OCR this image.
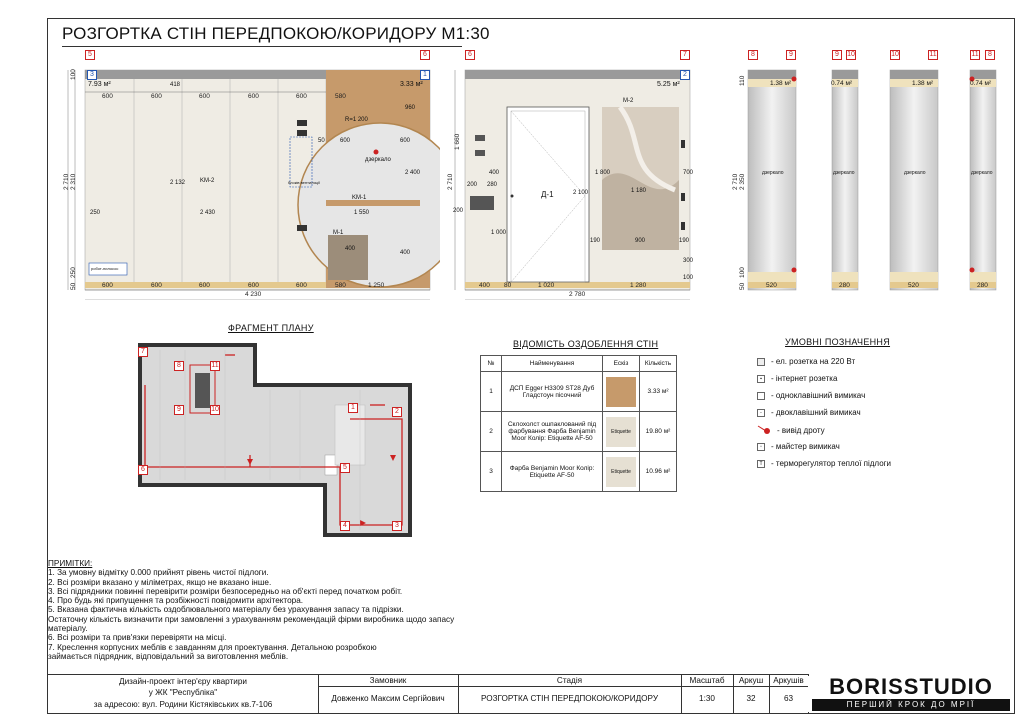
РОЗГОРТКА СТІН ПЕРЕДПОКОЮ/КОРИДОРУ М1:30
5	6
3	1
7.93 м²	3.33 м²
600	600	600	600	600	580
600	600	600	600	600	580	1 250
4 230
2 710 2 310
100
250
50
418
2 132
2 430
250
R=1 200
960
50	600	600
2 400
1 550
400
400
KM-2
KM-1
M-1
дзеркало
блоків вентиляції
робот-пилосос
6	7
2
5.25 м²
Д-1
M-2
400 80	1 020	1 280
2 780
2 710
1 660
200 280
400
200
1 000
2 100
1 800	700
1 180
190	900	190
300
100
8	9	9	10	10	11	11	8
1.38 м²	0.74 м²	1.38 м²	0.74 м²
дзеркало	дзеркало	дзеркало	дзеркало
520	280	520	280
2 710 2 350
110
100
50
ФРАГМЕНТ ПЛАНУ
7
8	11
9	10	1
6	5
2
4	3
ВІДОМІСТЬ ОЗДОБЛЕННЯ СТІН
№	Найменування	Ескіз	Кількість
1	ДСП Egger H3309 ST28 Дуб Гладстоун пісочний		3.33 м²
2	Склохолст ошпаклований під фарбування Фарба Benjamin Moor Колір: Etiquette AF-50	Etiquette	19.80 м²
3	Фарба Benjamin Moor Колір: Etiquette AF-50	Etiquette	10.96 м²
УМОВНІ ПОЗНАЧЕННЯ
- ел. розетка на 220 Вт
▪	- інтернет розетка
- одноклавішний вимикач
-	- двоклавішний вимикач
- вивід дроту
▫	- майстер вимикач
T	- терморегулятор теплої підлоги
ПРИМІТКИ:
1. За умовну відмітку 0.000 прийнят рівень чистої підлоги.
2. Всі розміри вказано у міліметрах, якщо не вказано інше.
3. Всі підрядники повинні перевірити розміри безпосередньо на об'єкті перед початком робіт.
4. Про будь які припущення та розбіжності повідомити архітектора.
5. Вказана фактична кількість оздоблювального матеріалу без урахування запасу та підрізки.
Остаточну кількість визначити при замовленні з урахуванням рекомендацій фірми виробника щодо запасу
матеріалу.
6. Всі розміри та прив'язки перевіряти на місці.
7. Креслення корпусних меблів є завданням для проектування. Детальною розробкою
займається підрядник, відповідальний за виготовлення меблів.
Дизайн-проект інтер'єру квартири
у ЖК "Республіка"
за адресою: вул. Родини Кістяківських кв.7-106
Замовник
Довженко Максим Сергійович
Стадія
РОЗГОРТКА СТІН ПЕРЕДПОКОЮ/КОРИДОРУ
Масштаб
1:30
Аркуш
32
Аркушів
63	BORISSTUDIO
ПЕРШИЙ КРОК ДО МРІЇ
